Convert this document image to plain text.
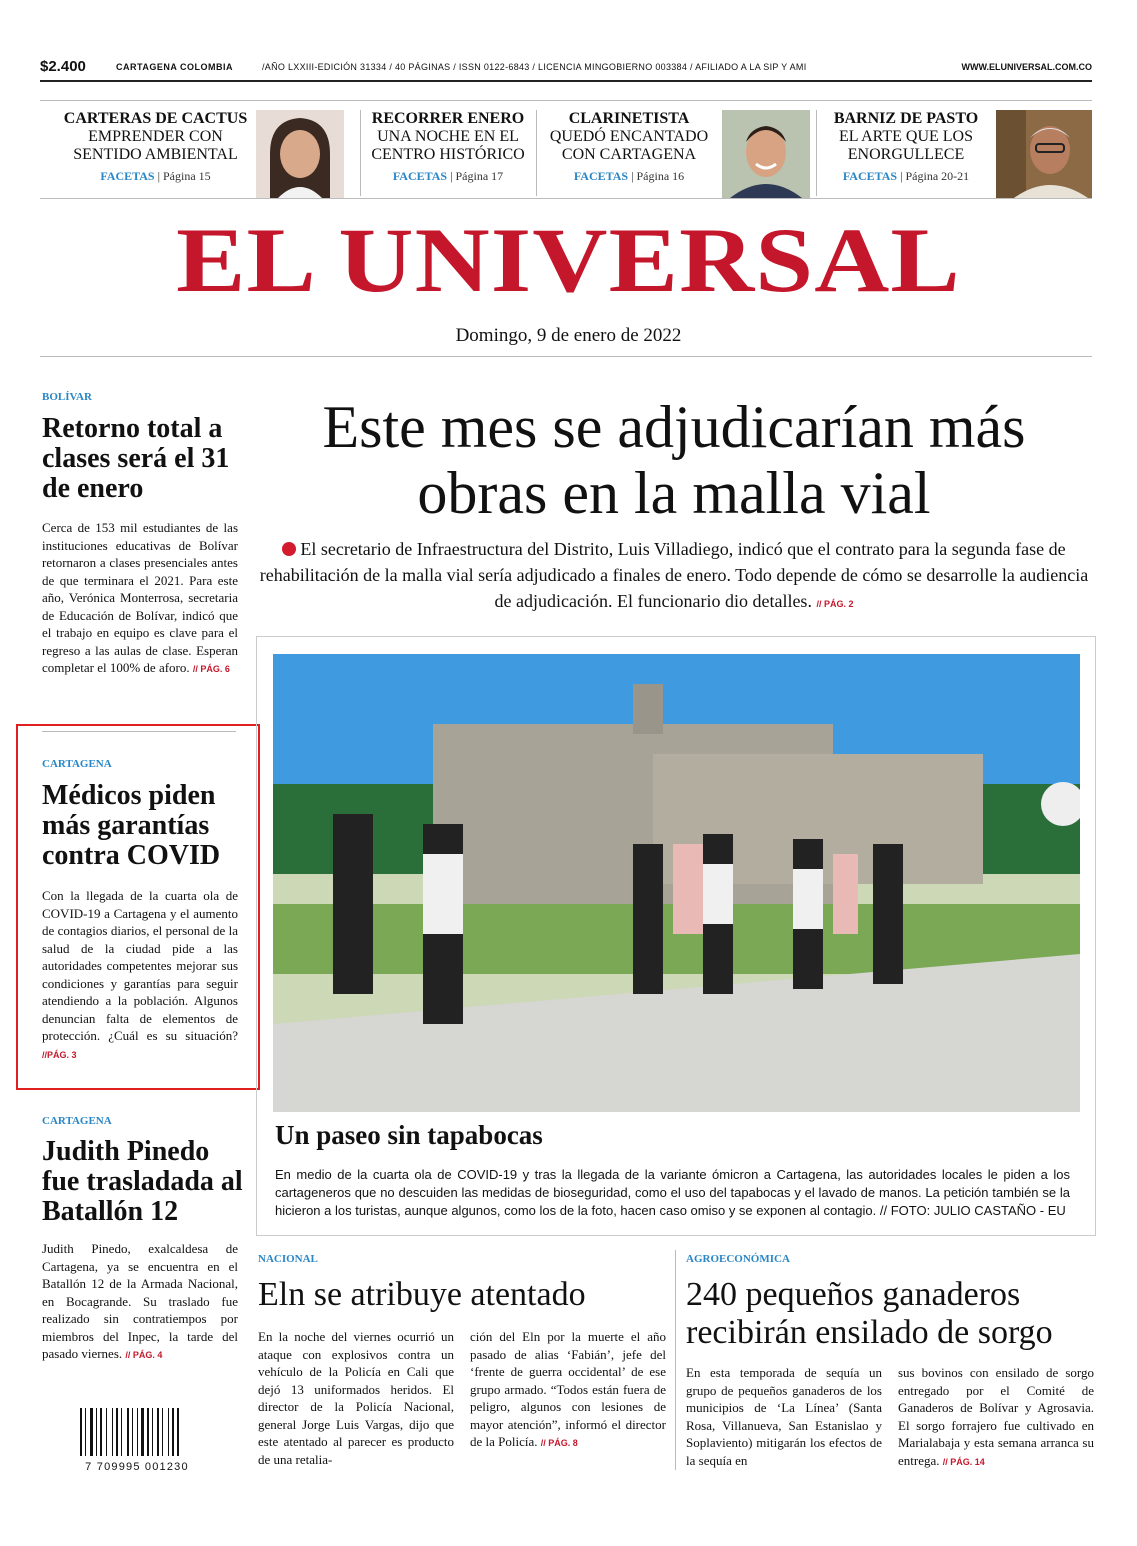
$2.400	CARTAGENA COLOMBIA	/AÑO LXXIII-EDICIÓN 31334 / 40 PÁGINAS / ISSN 0122-6843 / LICENCIA MINGOBIERNO 003384 / AFILIADO A LA SIP Y AMI	WWW.ELUNIVERSAL.COM.CO
CARTERAS DE CACTUS
EMPRENDER CON SENTIDO AMBIENTAL
FACETAS | Página 15
RECORRER ENERO
UNA NOCHE EN EL CENTRO HISTÓRICO
FACETAS | Página 17
CLARINETISTA
QUEDÓ ENCANTADO CON CARTAGENA
FACETAS | Página 16
BARNIZ DE PASTO
EL ARTE QUE LOS ENORGULLECE
FACETAS | Página 20-21
EL UNIVERSAL
Domingo, 9 de enero de 2022
BOLÍVAR
Retorno total a clases será el 31 de enero
Cerca de 153 mil estudiantes de las instituciones educativas de Bolívar retornaron a clases presenciales antes de que terminara el 2021. Para este año, Verónica Monterrosa, secretaria de Educación de Bolívar, indicó que el trabajo en equipo es clave para el regreso a las aulas de clase. Esperan completar el 100% de aforo. // PÁG. 6
CARTAGENA
Médicos piden más garantías contra COVID
Con la llegada de la cuarta ola de COVID-19 a Cartagena y el aumento de contagios diarios, el personal de la salud de la ciudad pide a las autoridades competentes mejorar sus condiciones y garantías para seguir atendiendo a la población. Algunos denuncian falta de elementos de protección. ¿Cuál es su situación? //PÁG. 3
CARTAGENA
Judith Pinedo fue trasladada al Batallón 12
Judith Pinedo, exalcaldesa de Cartagena, ya se encuentra en el Batallón 12 de la Armada Nacional, en Bocagrande. Su traslado fue realizado sin contratiempos por miembros del Inpec, la tarde del pasado viernes. // PÁG. 4
7 709995 001230
Este mes se adjudicarían más obras en la malla vial
El secretario de Infraestructura del Distrito, Luis Villadiego, indicó que el contrato para la segunda fase de rehabilitación de la malla vial sería adjudicado a finales de enero. Todo depende de cómo se desarrolle la audiencia de adjudicación. El funcionario dio detalles. // PÁG. 2
Un paseo sin tapabocas
En medio de la cuarta ola de COVID-19 y tras la llegada de la variante ómicron a Cartagena, las autoridades locales le piden a los cartageneros que no descuiden las medidas de bioseguridad, como el uso del tapabocas y el lavado de manos. La petición también se la hicieron a los turistas, aunque algunos, como los de la foto, hacen caso omiso y se exponen al contagio. // FOTO: JULIO CASTAÑO - EU
NACIONAL
Eln se atribuye atentado
En la noche del viernes ocurrió un ataque con explosivos contra un vehículo de la Policía en Cali que dejó 13 uniformados heridos. El director de la Policía Nacional, general Jorge Luis Vargas, dijo que este atentado al parecer es producto de una retalia-
ción del Eln por la muerte el año pasado de alias ‘Fabián’, jefe del ‘frente de guerra occidental’ de ese grupo armado. “Todos están fuera de peligro, algunos con lesiones de mayor atención”, informó el director de la Policía. // PÁG. 8
AGROECONÓMICA
240 pequeños ganaderos recibirán ensilado de sorgo
En esta temporada de sequía un grupo de pequeños ganaderos de los municipios de ‘La Línea’ (Santa Rosa, Villanueva, San Estanislao y Soplaviento) mitigarán los efectos de la sequía en
sus bovinos con ensilado de sorgo entregado por el Comité de Ganaderos de Bolívar y Agrosavia. El sorgo forrajero fue cultivado en Marialabaja y esta semana arranca su entrega. // PÁG. 14
